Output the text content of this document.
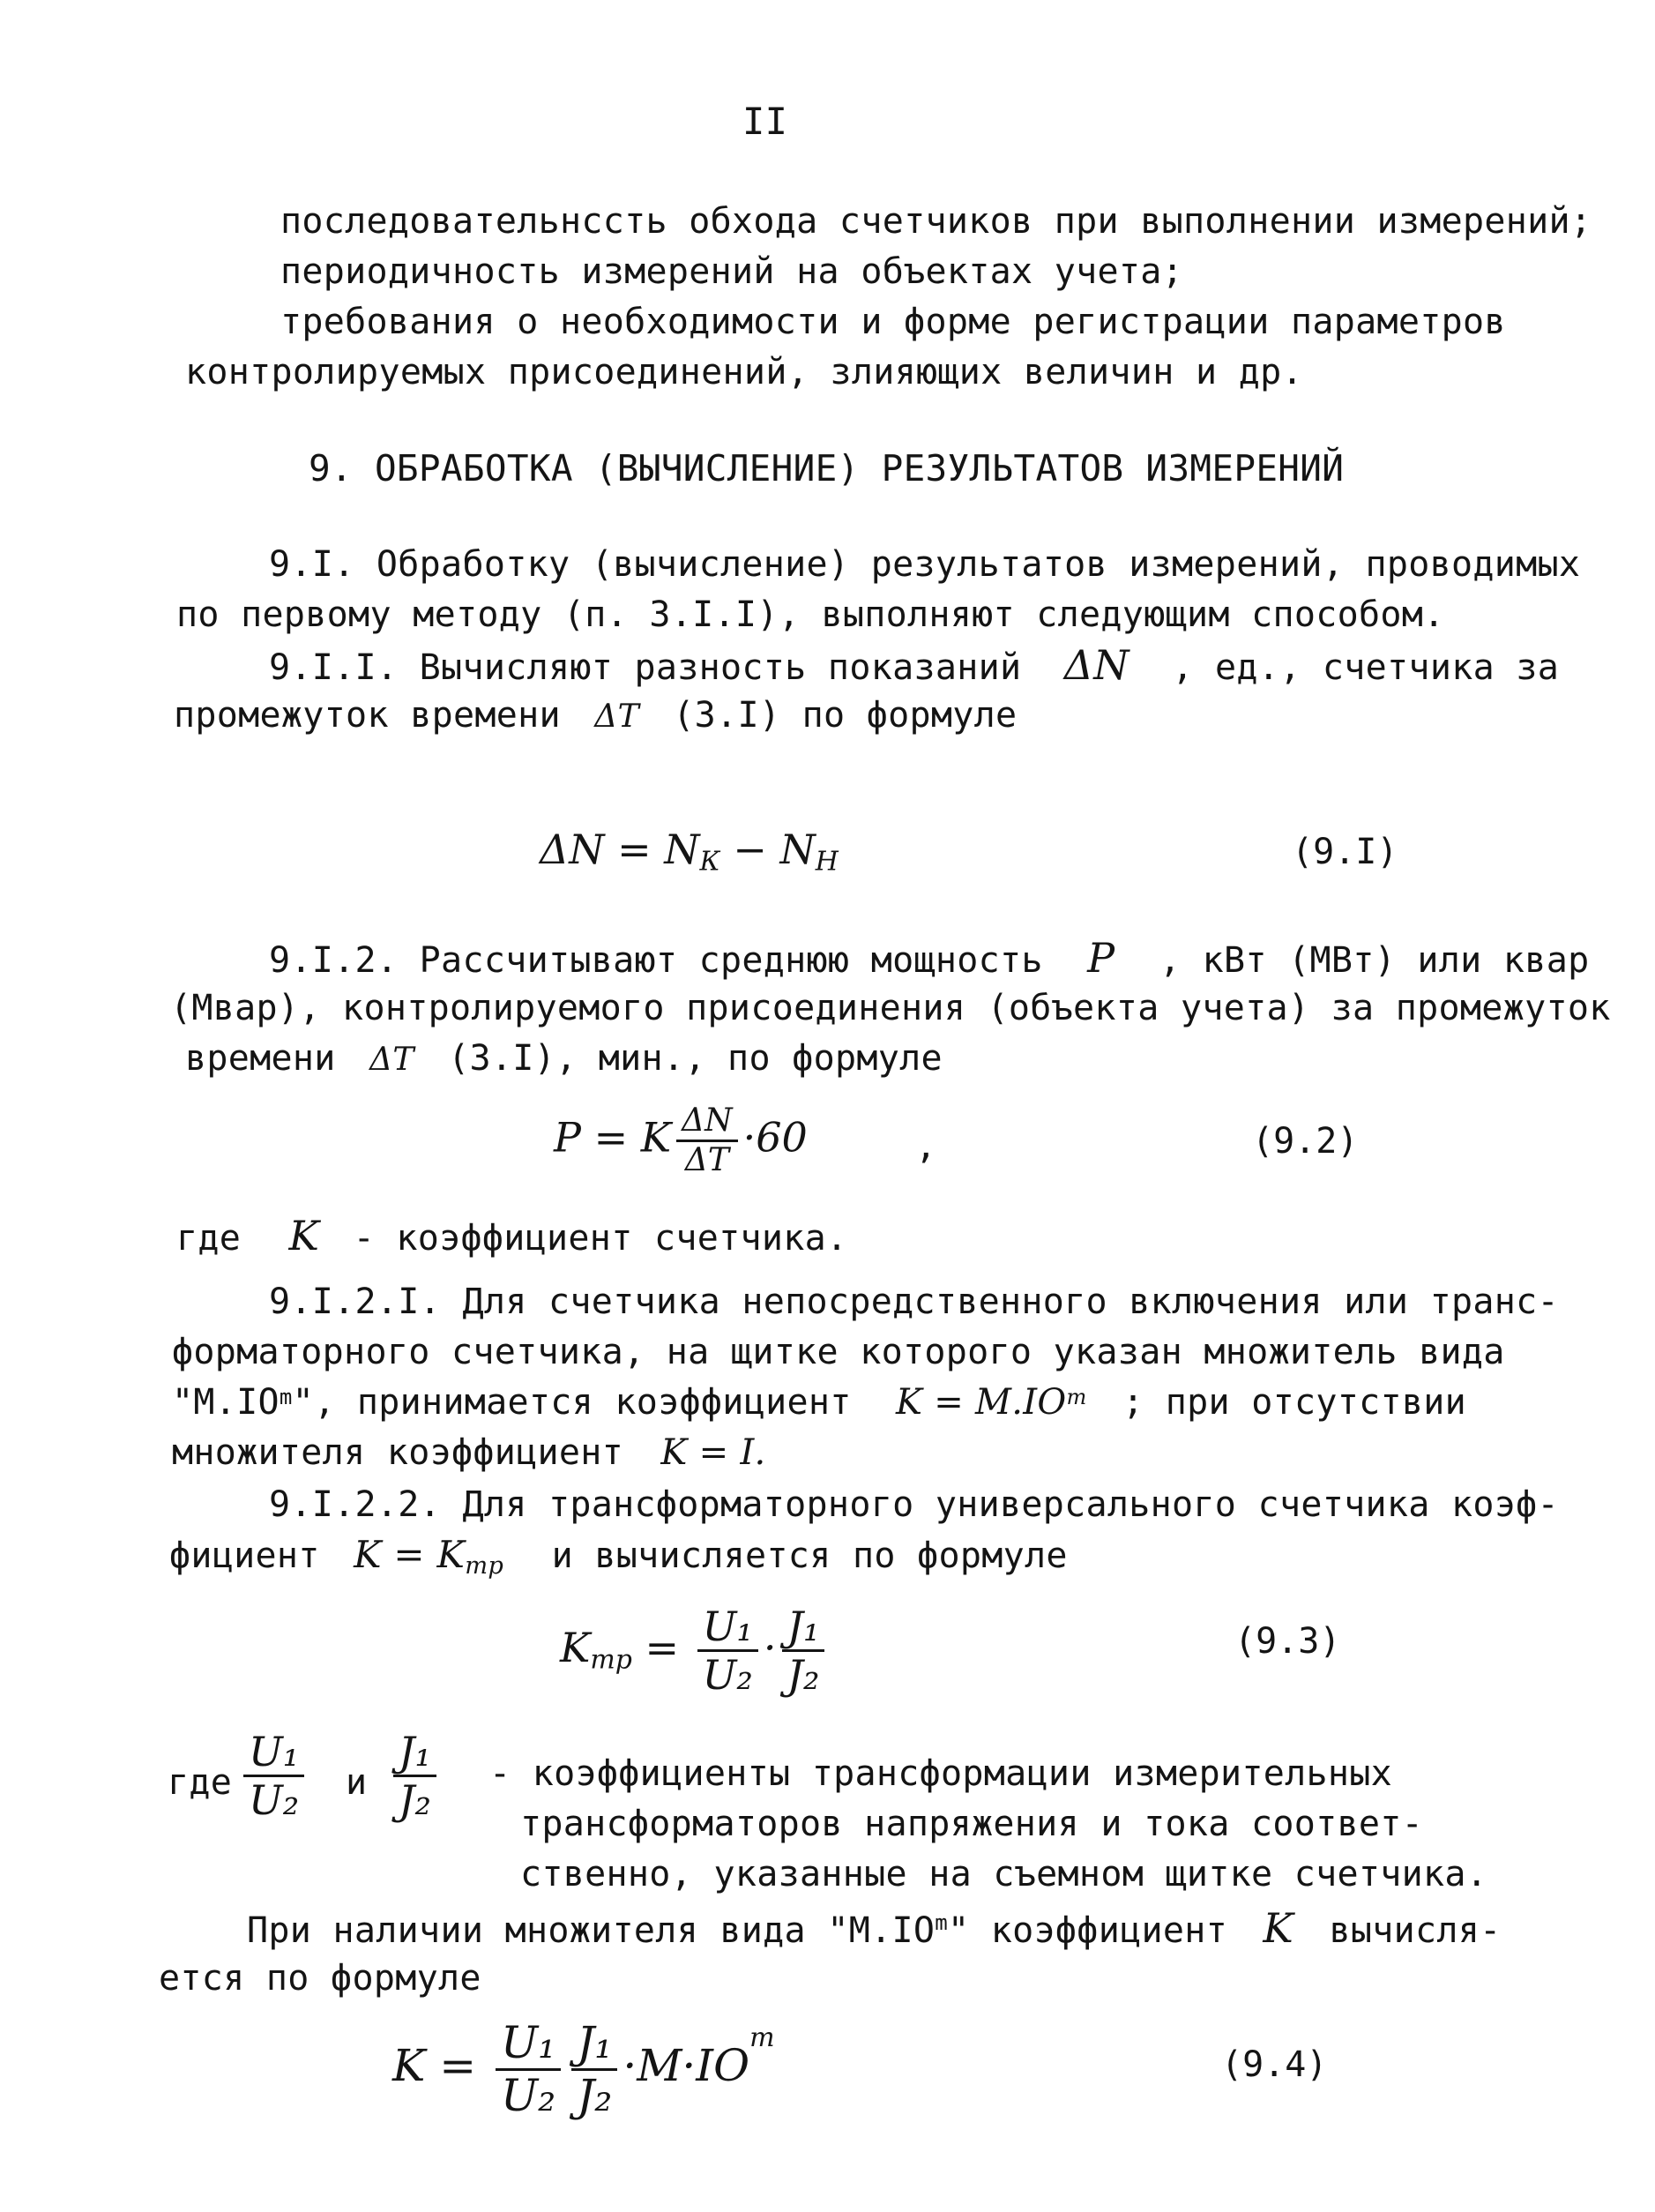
II
последовательнсcть обхода счетчиков при выполнении измерений;
периодичность измерений на объектах учета;
требования о необходимости и форме регистрации параметров
контролируемых присоединений, злияющих величин и др.
9. ОБРАБОТКА (ВЫЧИСЛЕНИЕ) РЕЗУЛЬТАТОВ ИЗМЕРЕНИЙ
9.I. Обработку (вычисление) результатов измерений, проводимых
по первому методу (п. 3.I.I), выполняют следующим способом.
9.I.I. Вычисляют разность показаний ΔN , ед., счетчика за
промежуток времени ΔT (3.I) по формуле
$\Delta N = N_К - N_Н$	(9.I)
9.I.2. Рассчитывают среднюю мощность P , кВт (МВт) или квар
(Мвар), контролируемого присоединения (объекта учета) за промежуток
времени ΔT (3.I), мин., по формуле
P = K $\frac{\Delta N}{\Delta T} \cdot 60$	,	(9.2)
где K - коэффициент счетчика.
9.I.2.I. Для счетчика непосредственного включения или транс-
форматорного счетчика, на щитке которого указан множитель вида
"$М.IO^m$", принимается коэффициент $K = M.IO^m$ ; при отсутствии
множителя коэффициент K = I.
9.I.2.2. Для трансформаторного универсального счетчика коэф-
фициент $K = K_{тр}$ и вычисляется по формуле
$K_{тр} = \frac{\text{U₁}}{\text{U₂}} \cdot \frac{\text{J₁}}{\text{J₂}}$	(9.3)
где $\frac{\text{U₁}}{\text{U₂}}$ и $\frac{\text{J₁}}{\text{J₂}}$ - коэффициенты трансформации измерительных
трансформаторов напряжения и тока соответ-
ственно, указанные на съемном щитке счетчика.
При наличии множителя вида "$М.IO^m$" коэффициент K вычисля-
ется по формуле
$K = \frac{\text{U₁}}{\text{U₂}} \frac{\text{J₁}}{\text{J₂}} \cdot M\cdot IO^m$
(9.4)
